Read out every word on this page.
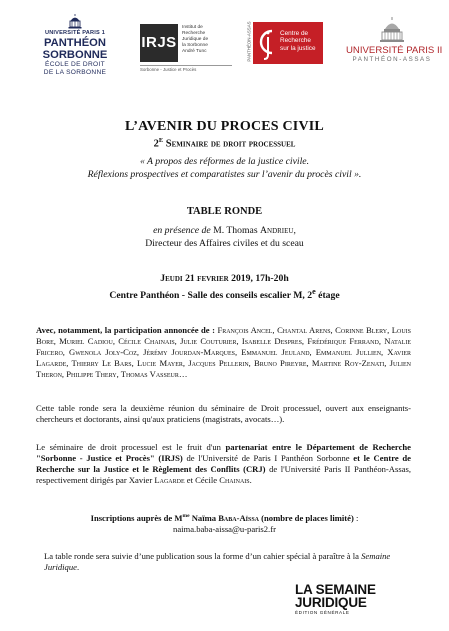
UNIVERSITÉ PARIS 1
PANTHÉON SORBONNE
ÉCOLE DE DROIT
DE LA SORBONNE
IRJS
Institut de
Recherche
Juridique de
la Sorbonne
André Tunc
Sorbonne - Justice et Procès
PANTHÉON-ASSAS	Centre de
Recherche
sur la justice	UNIVERSITÉ PARIS II
PANTHÉON-ASSAS
L’AVENIR DU PROCES CIVIL
$2^E$ Seminaire de droit processuel
« A propos des réformes de la justice civile.
Réflexions prospectives et comparatistes sur l’avenir du procès civil ».
TABLE RONDE
en présence de M. Thomas Andrieu,
Directeur des Affaires civiles et du sceau
Jeudi 21 fevrier 2019, 17h-20h
Centre Panthéon - Salle des conseils escalier M, 2e étage
Avec, notamment, la participation annoncée de : François Ancel, Chantal Arens, Corinne Blery, Louis Bore, Muriel Cadiou, Cécile Chainais, Julie Couturier, Isabelle Despres, Frédérique Ferrand, Natalie Fricero, Gwenola Joly-Coz, Jérémy Jourdan-Marques, Emmanuel Jeuland, Emmanuel Jullien, Xavier Lagarde, Thierry Le Bars, Lucie Mayer, Jacques Pellerin, Bruno Pireyre, Martine Roy-Zenati, Julien Theron, Philippe Thery, Thomas Vasseur…
Cette table ronde sera la deuxième réunion du séminaire de Droit processuel, ouvert aux enseignants-chercheurs et doctorants, ainsi qu'aux praticiens (magistrats, avocats…).
Le séminaire de droit processuel est le fruit d'un partenariat entre le Département de Recherche "Sorbonne - Justice et Procès" (IRJS) de l'Université de Paris I Panthéon Sorbonne et le Centre de Recherche sur la Justice et le Règlement des Conflits (CRJ) de l'Université Paris II Panthéon-Assas, respectivement dirigés par Xavier Lagarde et Cécile Chainais.
Inscriptions auprès de $M^{me}$ Naïma Baba-Aïssa (nombre de places limité) :
naima.baba-aissa@u-paris2.fr
La table ronde sera suivie d’une publication sous la forme d’un cahier spécial à paraître à la Semaine Juridique.
LA SEMAINE
JURIDIQUE
ÉDITION GÉNÉRALE
